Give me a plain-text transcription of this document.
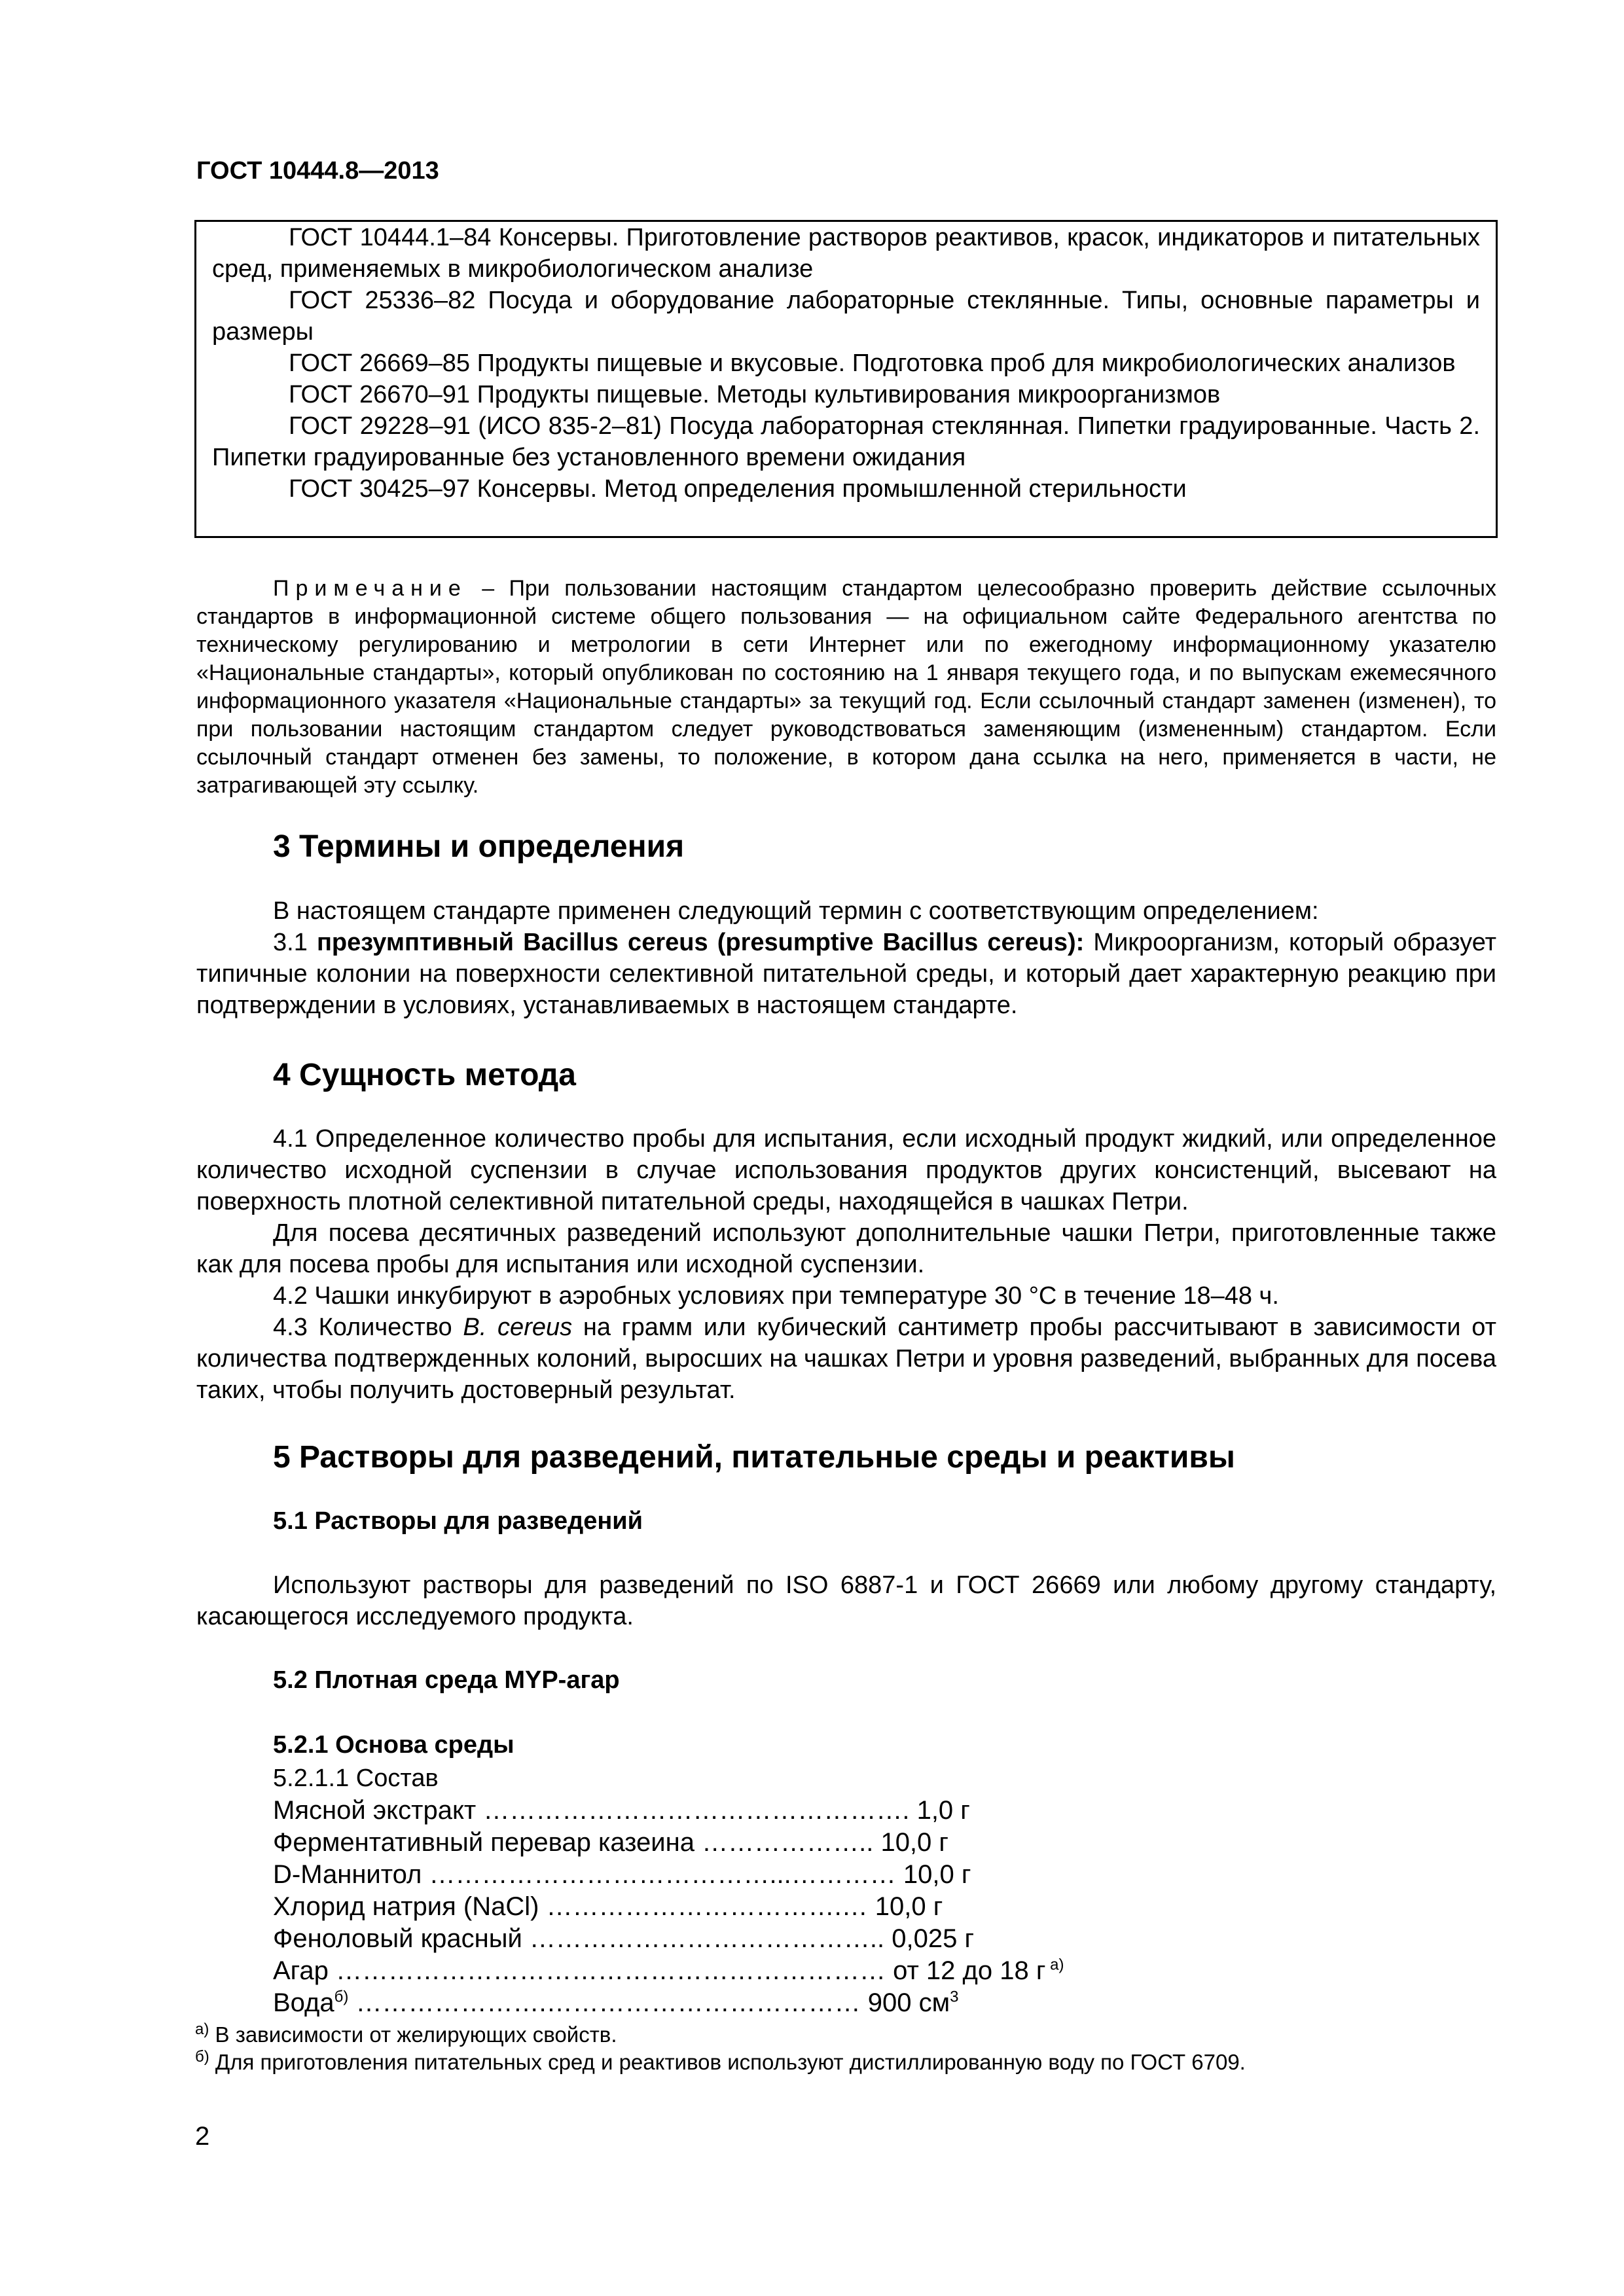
ГОСТ 10444.8—2013

ГОСТ 10444.1–84 Консервы. Приготовление растворов реактивов, красок, индикаторов и питательных сред, применяемых в микробиологическом анализе

ГОСТ 25336–82 Посуда и оборудование лабораторные стеклянные. Типы, основные параметры и размеры

ГОСТ 26669–85 Продукты пищевые и вкусовые. Подготовка проб для микробиологических анализов

ГОСТ 26670–91 Продукты пищевые. Методы культивирования микроорганизмов

ГОСТ 29228–91 (ИСО 835-2–81) Посуда лабораторная стеклянная. Пипетки градуированные. Часть 2. Пипетки градуированные без установленного времени ожидания

ГОСТ 30425–97 Консервы. Метод определения промышленной стерильности

Примечание – При пользовании настоящим стандартом целесообразно проверить действие ссылочных стандартов в информационной системе общего пользования — на официальном сайте Федерального агентства по техническому регулированию и метрологии в сети Интернет или по ежегодному информационному указателю «Национальные стандарты», который опубликован по состоянию на 1 января текущего года, и по выпускам ежемесячного информационного указателя «Национальные стандарты» за текущий год. Если ссылочный стандарт заменен (изменен), то при пользовании настоящим стандартом следует руководствоваться заменяющим (измененным) стандартом. Если ссылочный стандарт отменен без замены, то положение, в котором дана ссылка на него, применяется в части, не затрагивающей эту ссылку.

3 Термины и определения

В настоящем стандарте применен следующий термин с соответствующим определением:

3.1 презумптивный Bacillus cereus (presumptive Bacillus cereus): Микроорганизм, который образует типичные колонии на поверхности селективной питательной среды, и который дает характерную реакцию при подтверждении в условиях, устанавливаемых в настоящем стандарте.

4 Сущность метода

4.1 Определенное количество пробы для испытания, если исходный продукт жидкий, или определенное количество исходной суспензии в случае использования продуктов других консистенций, высевают на поверхность плотной селективной питательной среды, находящейся в чашках Петри.

Для посева десятичных разведений используют дополнительные чашки Петри, приготовленные также как для посева пробы для испытания или исходной суспензии.

4.2 Чашки инкубируют в аэробных условиях при температуре 30 °С в течение 18–48 ч.

4.3 Количество B. cereus на грамм или кубический сантиметр пробы рассчитывают в зависимости от количества подтвержденных колоний, выросших на чашках Петри и уровня разведений, выбранных для посева таких, чтобы получить достоверный результат.

5 Растворы для разведений, питательные среды и реактивы
5.1 Растворы для разведений

Используют растворы для разведений по ISO 6887-1 и ГОСТ 26669 или любому другому стандарту, касающегося исследуемого продукта.

5.2 Плотная среда MYP-агар
5.2.1 Основа среды
5.2.1.1 Состав
Мясной экстракт …………………………………………. 1,0 г
Ферментативный перевар казеина ……………….. 10,0 г
D-Маннитол …………………………………...………… 10,0 г
Хлорид натрия (NaCl) …………………………….… 10,0 г
Феноловый красный ………………………………….. 0,025 г
Агар ……………………………………………………… от 12 до 18 г $^{а)}$
Вода$^{б)}$ ………………….……………………………… 900 $см^3$

$^{а)}$ В зависимости от желирующих свойств.

$^{б)}$ Для приготовления питательных сред и реактивов используют дистиллированную воду по ГОСТ 6709.

2
